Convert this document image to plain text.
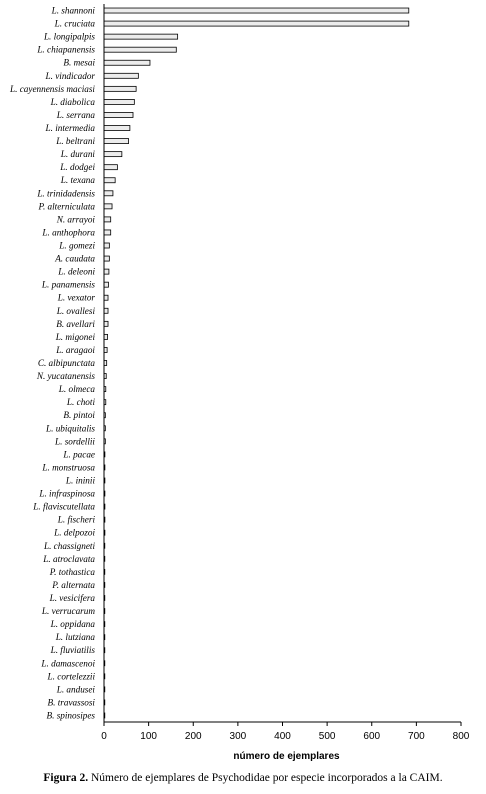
L. shannoni
L. cruciata
L. longipalpis
L. chiapanensis
B. mesai
L. vindicador
L. cayennensis maciasi
L. diabolica
L. serrana
L. intermedia
L. beltrani
L. durani
L. dodgei
L. texana
L. trinidadensis
P. alterniculata
N. arrayoi
L. anthophora
L. gomezi
A. caudata
L. deleoni
L. panamensis
L. vexator
L. ovallesi
B. avellari
L. migonei
L. aragaoi
C. albipunctata
N. yucatanensis
L. olmeca
L. choti
B. pintoi
L. ubiquitalis
L. sordellii
L. pacae
L. monstruosa
L. ininii
L. infraspinosa
L. flaviscutellata
L. fischeri
L. delpozoi
L. chassigneti
L. atroclavata
P. tothastica
P. alternata
L. vesicifera
L. verrucarum
L. oppidana
L. lutziana
L. fluviatilis
L. damascenoi
L. cortelezzii
L. andusei
B. travassosi
B. spinosipes
0	100	200	300	400	500	600	700	800
número de ejemplares
Figura 2. Número de ejemplares de Psychodidae por especie incorporados a la CAIM.
